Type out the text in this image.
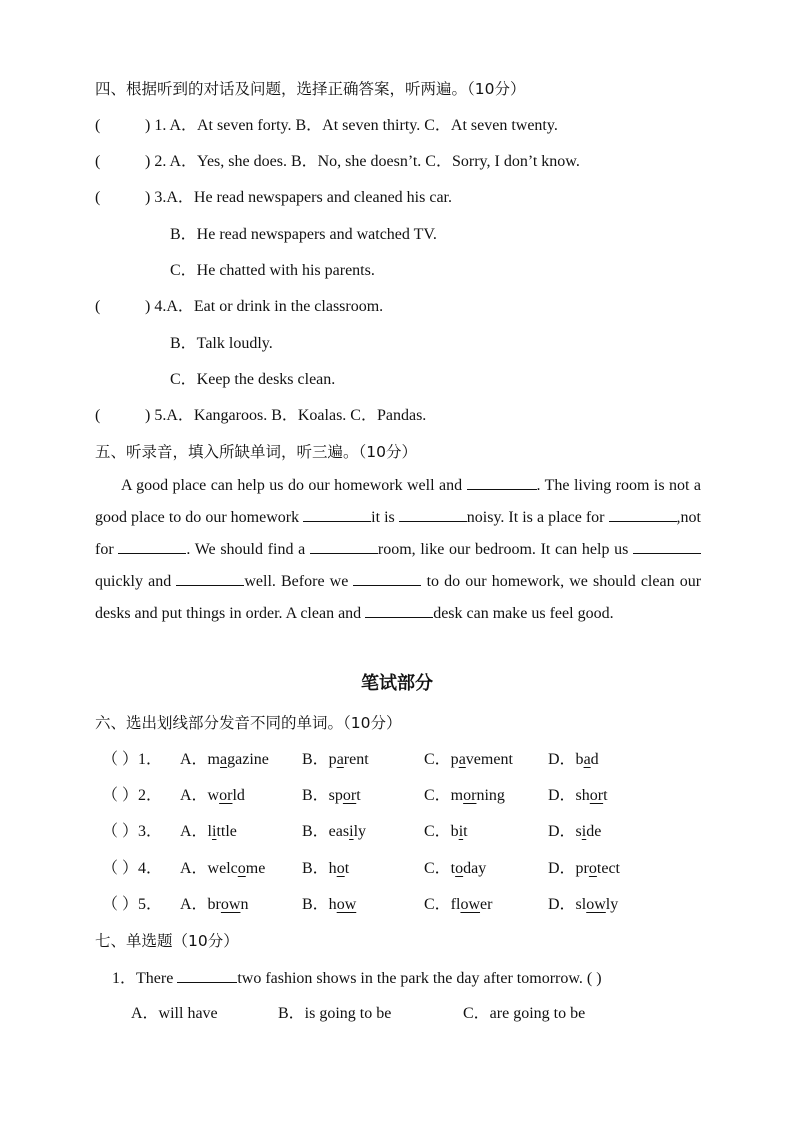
四、根据听到的对话及问题，选择正确答案，听两遍。（10分）
(	) 1. A．At seven forty. B．At seven thirty. C．At seven twenty.
(	) 2. A．Yes, she does. B．No, she doesn’t. C．Sorry, I don’t know.
(	) 3.A．He read newspapers and cleaned his car.
B．He read newspapers and watched TV.
C．He chatted with his parents.
(	) 4.A．Eat or drink in the classroom.
B．Talk loudly.
C．Keep the desks clean.
(	) 5.A．Kangaroos. B．Koalas. C．Pandas.
五、听录音，填入所缺单词，听三遍。（10分）
A good place can help us do our homework well and	. The living room is not a good place to do our homework	it is	noisy. It is a place for	,not for	. We should find a	room, like our bedroom. It can help us quickly and	well. Before we	to do our homework, we should clean our desks and put things in order. A clean and	desk can make us feel good.
笔试部分
六、选出划线部分发音不同的单词。（10分）
（ ）1． A．magazine B．parent	C．pavement D．bad
（ ）2． A．world	B．sport	C．morning	D．short
（ ）3． A．little	B．easily	C．bit	D．side
（ ）4． A．welcome B．hot	C．today	D．protect
（ ）5． A．brown	B．how	C．flower	D．slowly
七、单选题（10分）
1．There	two fashion shows in the park the day after tomorrow. ( )
A．will have	B．is going to be	C．are going to be
